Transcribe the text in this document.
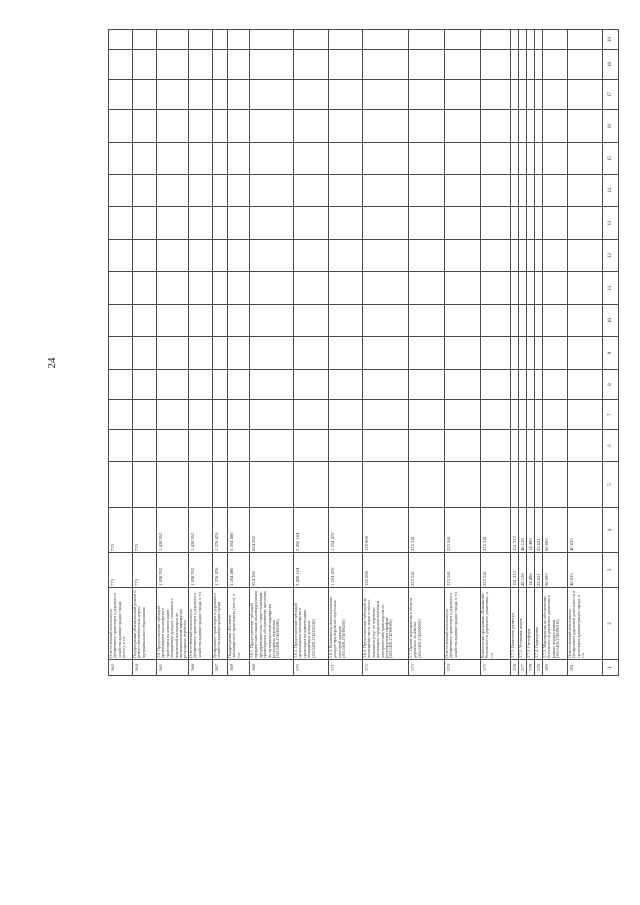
24
563	Ответственный исполнитель Департамент транспорта и дорожного хозяйства администрации города (всего), в т.ч.	775	775															

564	Подпрограмма «Капитальный ремонт и ремонт автомобильных дорог» муниципального образования	775	775															

565	1.6. Предоставление субсидий организациям пассажирского транспорта на компенсацию выпадающих доходов, связанных с перевозкой пассажиров по муниципальным маршрутам регулярных перевозок	1 438 952	1 438 952															

566	Ответственный исполнитель Департамент транспорта и дорожного хозяйства администрации города, в т.ч.	1 438 952	1 438 952															

567	Департамент транспорта и дорожного хозяйства администрации города	1 376 476	1 376 476															

568	Подпрограмма «Развитие пассажирского транспорта» (всего), в т.ч.	5 204 486	5 204 486															

569	1.6.1. Предоставление субсидий юридическим лицам, индивидуальным предпринимателям, осуществляющим транспортное обслуживание населения по муниципальным маршрутам регулярных перевозок (505.0408.2740160280)	654 282	654 282															

570	1.6.2. Предоставление субсидий организациям пассажирского транспорта на компенсацию выпадающих доходов (505.0408.27401S2340)	2 450 164	2 450 164															

571	1.6.3. Возмещение недополученных доходов при перевозке отдельных категорий граждан (505.0408.2740160290)	1 254 476	1 254 476															

572	1.6.4. Предоставление субсидий на возмещение части затрат в связи с оказанием услуг по перевозке пассажиров городским наземным электрическим транспортом по регулируемым тарифам (505.0408.2740160300)	120 000	120 000															

573	1.7. Прочие мероприятия в области дорожного хозяйства (505.0409.2740200000)	225 541	225 541															

574	Ответственный исполнитель Департамент транспорта и дорожного хозяйства администрации города, в т.ч.	225 541	225 541															

575	Комплексная программа «Повышение безопасности дорожного движения», в т.ч.	225 541	225 541															

576	1.7.1. Нанесение разметки	151 312	151 312															

577	1.7.2. Установка знаков	48 128	48 128															

578	1.7.3. Светофоры	14 496	14 496															

579	1.7.4. Ограждения	25 621	25 621															

580	1.7.5. Мероприятия по обеспечению безопасности дорожного движения в рамках подпрограммы (505.0409.2740260310)	66 095	66 095															

581	Ответственный исполнитель Департамент дорожной деятельности и транспорта администрации города, в т.ч.	40 035	40 035															

1	2	3	4	5	6	7	8	9	10	11	12	13	14	15	16	17	18	19
